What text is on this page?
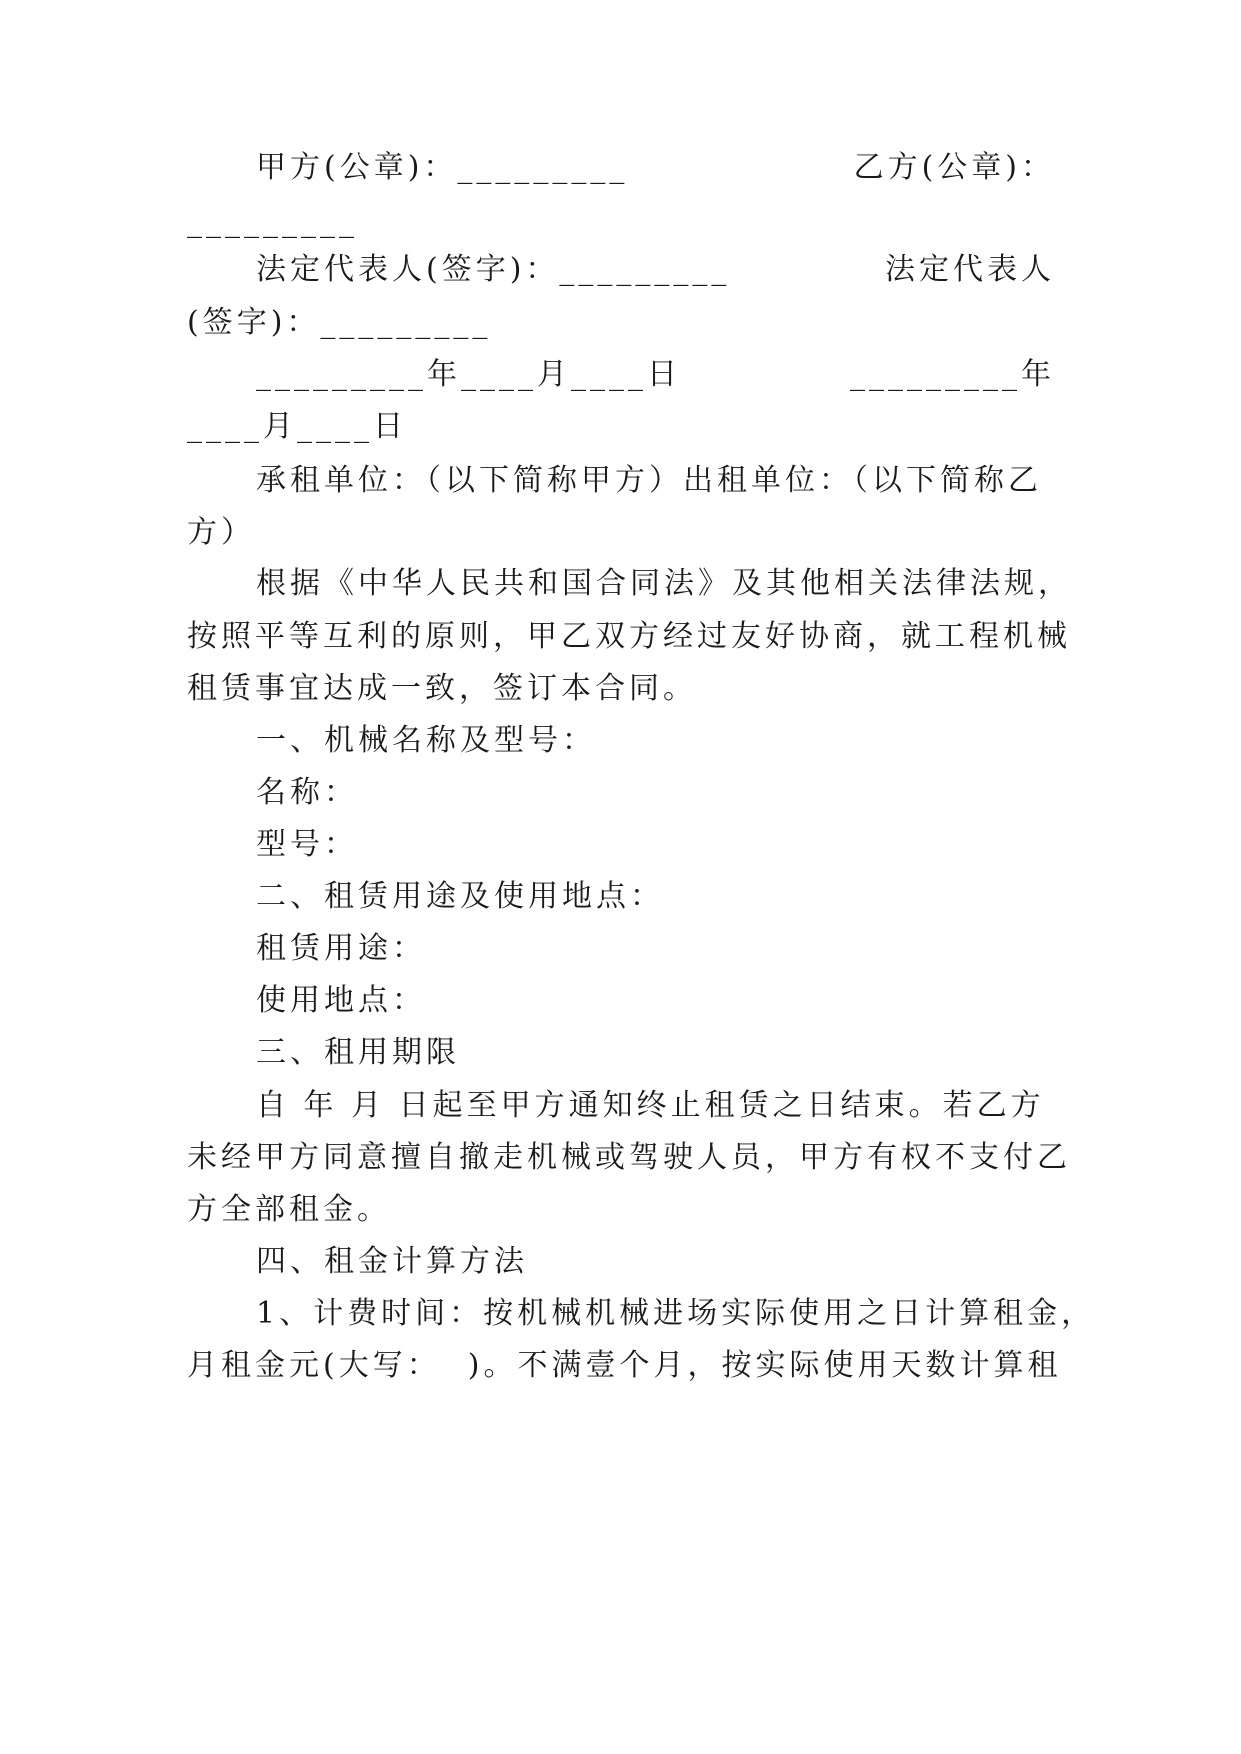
甲方(公章)：_________	乙方(公章)：
_________
法定代表人(签字)：_________	法定代表人
(签字)：_________
_________年____月____日	_________年
____月____日
承租单位：（以下简称甲方）出租单位：（以下简称乙
方）
根据《中华人民共和国合同法》及其他相关法律法规，
按照平等互利的原则，甲乙双方经过友好协商，就工程机械
租赁事宜达成一致，签订本合同。
一、机械名称及型号：
名称：
型号：
二、租赁用途及使用地点：
租赁用途：
使用地点：
三、租用期限
自 年 月 日起至甲方通知终止租赁之日结束。若乙方
未经甲方同意擅自撤走机械或驾驶人员，甲方有权不支付乙
方全部租金。
四、租金计算方法
1、计费时间：按机械机械进场实际使用之日计算租金，
月租金元(大写：  )。不满壹个月，按实际使用天数计算租
